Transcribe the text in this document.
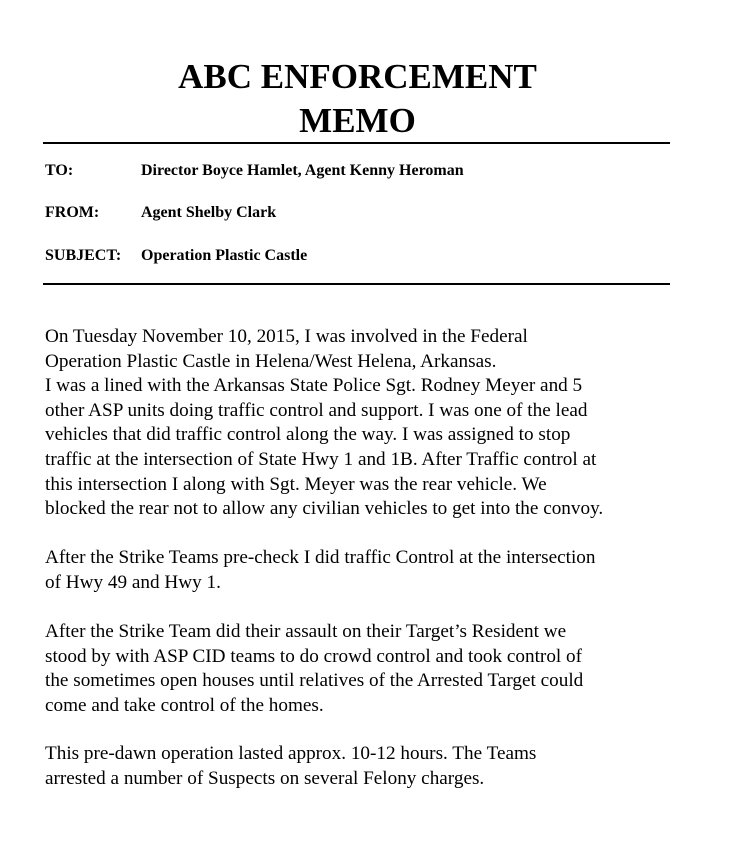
ABC ENFORCEMENT
MEMO
TO:	Director Boyce Hamlet, Agent Kenny Heroman
FROM:	Agent Shelby Clark
SUBJECT: Operation Plastic Castle
On Tuesday November 10, 2015, I was involved in the Federal
Operation Plastic Castle in Helena/West Helena, Arkansas.
I was a lined with the Arkansas State Police Sgt. Rodney Meyer and 5
other ASP units doing traffic control and support. I was one of the lead
vehicles that did traffic control along the way. I was assigned to stop
traffic at the intersection of State Hwy 1 and 1B. After Traffic control at
this intersection I along with Sgt. Meyer was the rear vehicle. We
blocked the rear not to allow any civilian vehicles to get into the convoy.
After the Strike Teams pre-check I did traffic Control at the intersection
of Hwy 49 and Hwy 1.
After the Strike Team did their assault on their Target’s Resident we
stood by with ASP CID teams to do crowd control and took control of
the sometimes open houses until relatives of the Arrested Target could
come and take control of the homes.
This pre-dawn operation lasted approx. 10-12 hours. The Teams
arrested a number of Suspects on several Felony charges.
